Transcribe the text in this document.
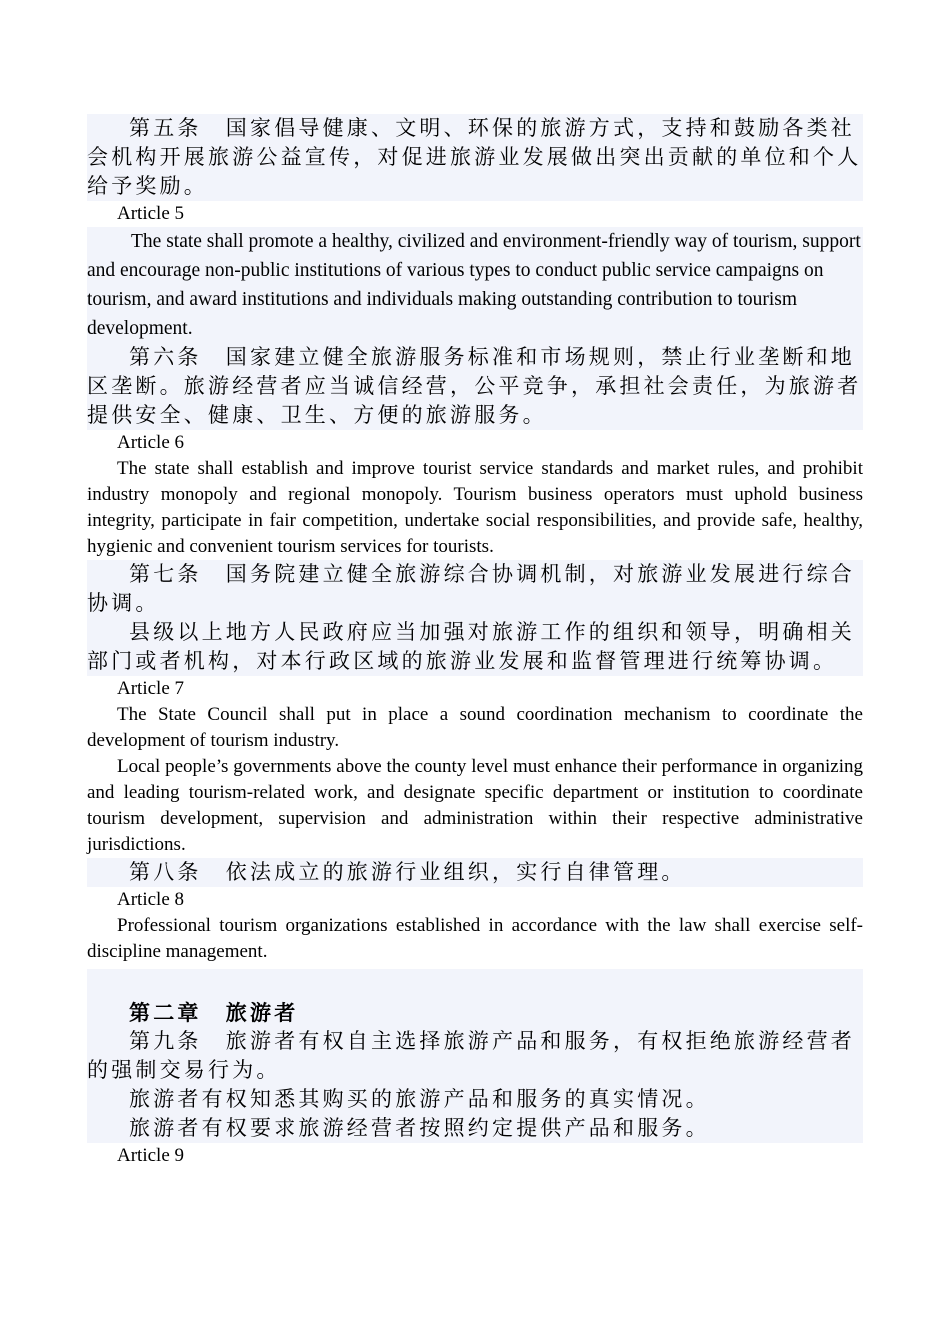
第五条　国家倡导健康、文明、环保的旅游方式，支持和鼓励各类社会机构开展旅游公益宣传，对促进旅游业发展做出突出贡献的单位和个人给予奖励。

Article 5

The state shall promote a healthy, civilized and environment-friendly way of tourism, support and encourage non-public institutions of various types to conduct public service campaigns on tourism, and award institutions and individuals making outstanding contribution to tourism development.

第六条　国家建立健全旅游服务标准和市场规则，禁止行业垄断和地区垄断。旅游经营者应当诚信经营，公平竞争，承担社会责任，为旅游者提供安全、健康、卫生、方便的旅游服务。

Article 6

The state shall establish and improve tourist service standards and market rules, and prohibit industry monopoly and regional monopoly. Tourism business operators must uphold business integrity, participate in fair competition, undertake social responsibilities, and provide safe, healthy, hygienic and convenient tourism services for tourists.

第七条　国务院建立健全旅游综合协调机制，对旅游业发展进行综合协调。

县级以上地方人民政府应当加强对旅游工作的组织和领导，明确相关部门或者机构，对本行政区域的旅游业发展和监督管理进行统筹协调。

Article 7

The State Council shall put in place a sound coordination mechanism to coordinate the development of tourism industry.

Local people’s governments above the county level must enhance their performance in organizing and leading tourism-related work, and designate specific department or institution to coordinate tourism development, supervision and administration within their respective administrative jurisdictions.

第八条　依法成立的旅游行业组织，实行自律管理。

Article 8

Professional tourism organizations established in accordance with the law shall exercise self-discipline management.

第二章　旅游者

第九条　旅游者有权自主选择旅游产品和服务，有权拒绝旅游经营者的强制交易行为。

旅游者有权知悉其购买的旅游产品和服务的真实情况。

旅游者有权要求旅游经营者按照约定提供产品和服务。

Article 9
